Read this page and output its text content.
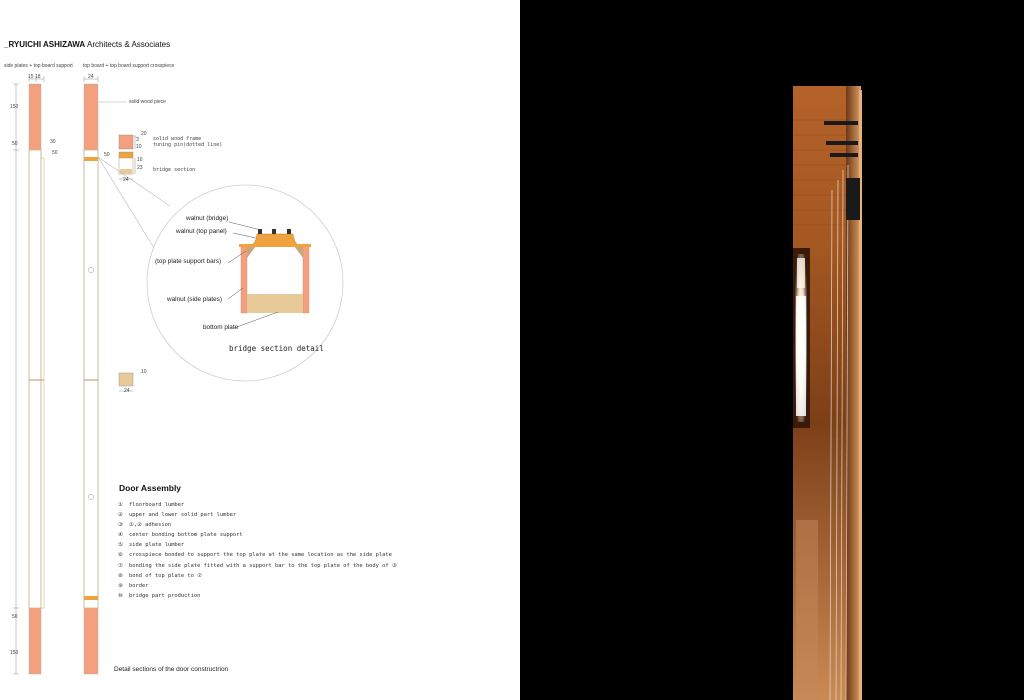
_RYUICHI ASHIZAWA Architects & Associates
side plates + top board support top board + top board support crosspiece
15 18	24
150
50	30
50
50
150
50
20
3
10
10
23
24
10
24
solid wood piece
solid wood frame
tuning pin(dotted line)
bridge section
walnut (bridge)
walnut (top panel)
(top plate support bars)
walnut (side plates)
bottom plate
bridge section detail
Door Assembly
① floorboard lumber
② upper and lower solid part lumber
③ ①,② adhesion
④ center bonding bottom plate support
⑤ side plate lumber
⑥ crosspiece bonded to support the top plate at the same location as the side plate
⑦ bonding the side plate fitted with a support bar to the top plate of the body of ③
⑧ bond of top plate to ⑦
⑨ border
⑩ bridge part production
Detail sections of the door constructrion
